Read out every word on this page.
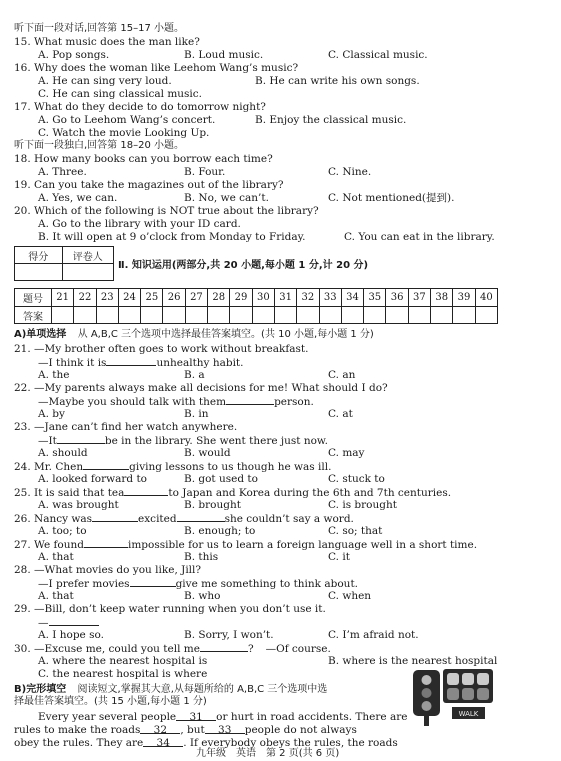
听下面一段对话,回答第 15–17 小题。
15. What music does the man like?
A. Pop songs.	B. Loud music.	C. Classical music.
16. Why does the woman like Leehom Wang’s music?
A. He can sing very loud.	B. He can write his own songs.
C. He can sing classical music.
17. What do they decide to do tomorrow night?
A. Go to Leehom Wang’s concert.	B. Enjoy the classical music.
C. Watch the movie Looking Up.
听下面一段独白,回答第 18–20 小题。
18. How many books can you borrow each time?
A. Three.	B. Four.	C. Nine.
19. Can you take the magazines out of the library?
A. Yes, we can.	B. No, we can’t.	C. Not mentioned(提到).
20. Which of the following is NOT true about the library?
A. Go to the library with your ID card.
B. It will open at 9 o’clock from Monday to Friday.	C. You can eat in the library.
得分	评卷人

Ⅱ. 知识运用(两部分,共 20 小题,每小题 1 分,计 20 分)
题号	21	22	23	24	25	26	27	28	29	30	31	32	33	34	35	36	37	38	39	40
答案																				
A)单项选择 从 A,B,C 三个选项中选择最佳答案填空。(共 10 小题,每小题 1 分)
21. —My brother often goes to work without breakfast.
—I think it is	unhealthy habit.
A. the	B. a	C. an
22. —My parents always make all decisions for me! What should I do?
—Maybe you should talk with them	person.
A. by	B. in	C. at
23. —Jane can’t find her watch anywhere.
—It	be in the library. She went there just now.
A. should	B. would	C. may
24. Mr. Chen	giving lessons to us though he was ill.
A. looked forward to	B. got used to	C. stuck to
25. It is said that tea	to Japan and Korea during the 6th and 7th centuries.
A. was brought	B. brought	C. is brought
26. Nancy was	excited	she couldn’t say a word.
A. too; to	B. enough; to	C. so; that
27. We found	impossible for us to learn a foreign language well in a short time.
A. that	B. this	C. it
28. —What movies do you like, Jill?
—I prefer movies	give me something to think about.
A. that	B. who	C. when
29. —Bill, don’t keep water running when you don’t use it.
—
A. I hope so.	B. Sorry, I won’t.	C. I’m afraid not.
30. —Excuse me, could you tell me	? —Of course.
A. where the nearest hospital is	B. where is the nearest hospital
C. the nearest hospital is where
B)完形填空 阅读短文,掌握其大意,从每题所给的 A,B,C 三个选项中选
择最佳答案填空。(共 15 小题,每小题 1 分)
Every year several people 31 or hurt in road accidents. There are
rules to make the roads 32 , but 33 people do not always
obey the rules. They are 34 . If everybody obeys the rules, the roads
WALK
九年级　英语　第 2 页(共 6 页)
